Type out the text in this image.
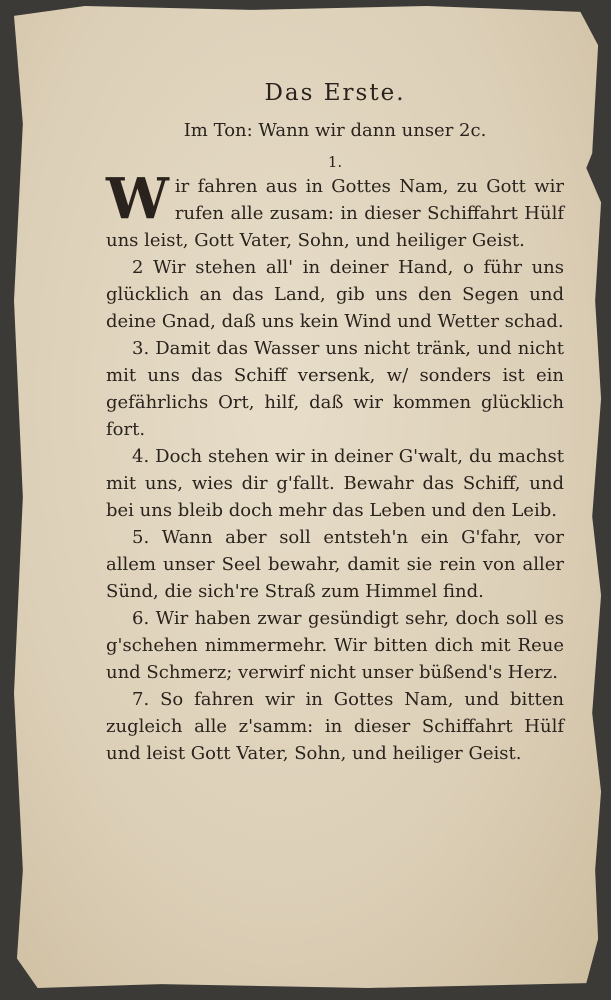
Das Erste.
Im Ton: Wann wir dann unser 2c.
1.

Wir fahren aus in Gottes Nam, zu Gott wir rufen alle zusam: in dieser Schiffahrt Hülf uns leist, Gott Vater, Sohn, und heiliger Geist.

2 Wir stehen all' in deiner Hand, o führ uns glücklich an das Land, gib uns den Segen und deine Gnad, daß uns kein Wind und Wetter schad.

3. Damit das Wasser uns nicht tränk, und nicht mit uns das Schiff versenk, w/ sonders ist ein gefährlichs Ort, hilf, daß wir kommen glücklich fort.

4. Doch stehen wir in deiner G'walt, du machst mit uns, wies dir g'fallt. Bewahr das Schiff, und bei uns bleib doch mehr das Leben und den Leib.

5. Wann aber soll entsteh'n ein G'fahr, vor allem unser Seel bewahr, damit sie rein von aller Sünd, die sich're Straß zum Himmel find.

6. Wir haben zwar gesündigt sehr, doch soll es g'schehen nimmermehr. Wir bitten dich mit Reue und Schmerz; verwirf nicht unser büßend's Herz.

7. So fahren wir in Gottes Nam, und bitten zugleich alle z'samm: in dieser Schiffahrt Hülf und leist Gott Vater, Sohn, und heiliger Geist.
